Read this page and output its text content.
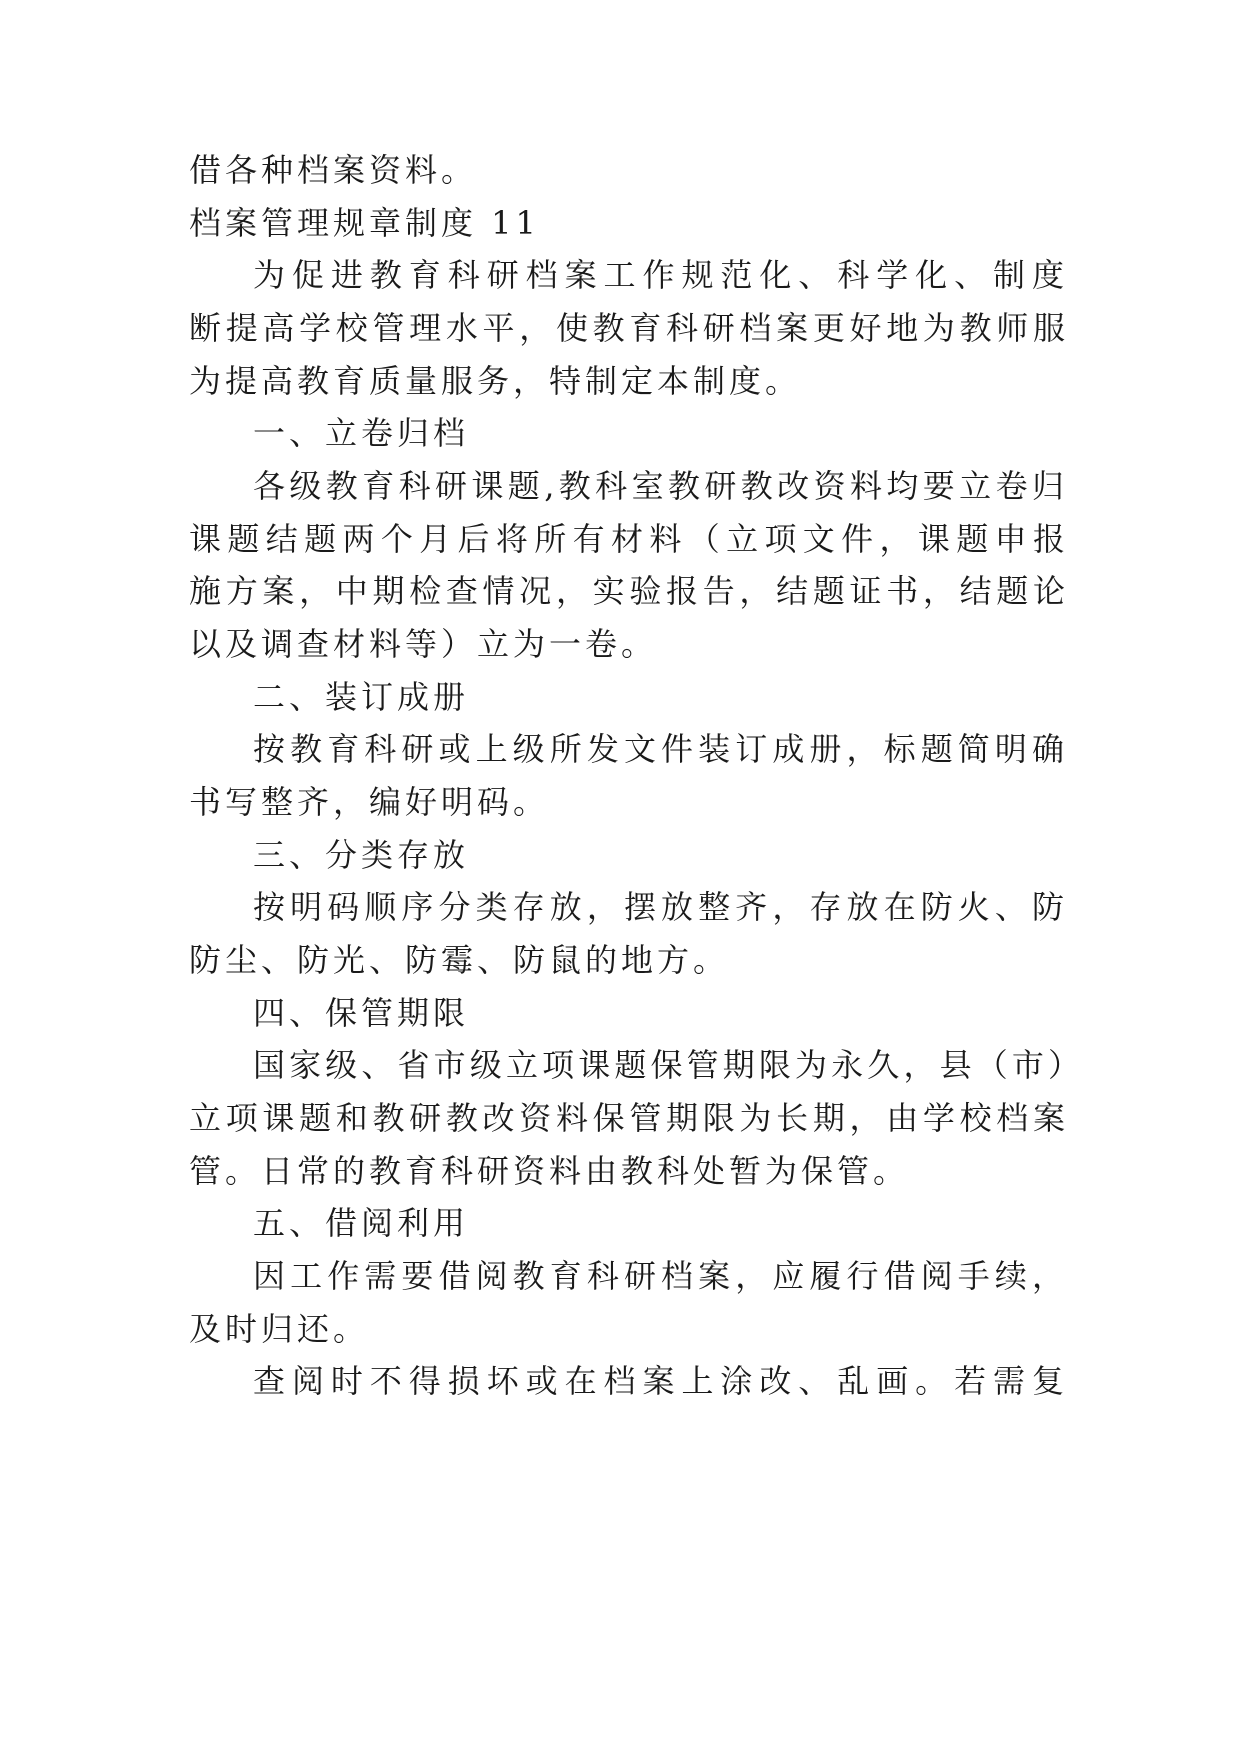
借各种档案资料。
档案管理规章制度 11
为促进教育科研档案工作规范化、科学化、制度
断提高学校管理水平，使教育科研档案更好地为教师服
为提高教育质量服务，特制定本制度。
一、立卷归档
各级教育科研课题,教科室教研教改资料均要立卷归
课题结题两个月后将所有材料（立项文件，课题申报
施方案，中期检查情况，实验报告，结题证书，结题论
以及调查材料等）立为一卷。
二、装订成册
按教育科研或上级所发文件装订成册，标题简明确
书写整齐，编好明码。
三、分类存放
按明码顺序分类存放，摆放整齐，存放在防火、防
防尘、防光、防霉、防鼠的地方。
四、保管期限
国家级、省市级立项课题保管期限为永久，县（市）
立项课题和教研教改资料保管期限为长期，由学校档案
管。日常的教育科研资料由教科处暂为保管。
五、借阅利用
因工作需要借阅教育科研档案，应履行借阅手续，
及时归还。
查阅时不得损坏或在档案上涂改、乱画。若需复
